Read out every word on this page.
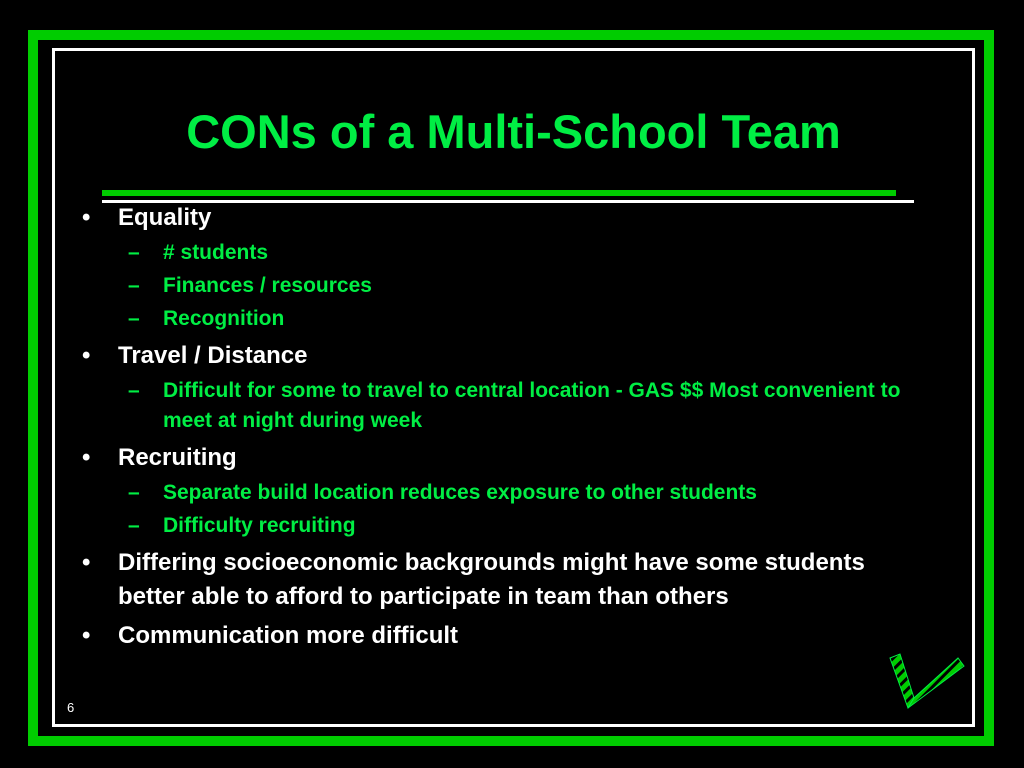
CONs of a Multi-School Team
•	Equality
– # students
– Finances / resources
– Recognition
•	Travel / Distance
– Difficult for some to travel to central location - GAS $$ Most convenient to meet at night during week
•	Recruiting
– Separate build location reduces exposure to other students
– Difficulty recruiting
•	Differing socioeconomic backgrounds might have some students better able to afford to participate in team than others
•	Communication more difficult
6
